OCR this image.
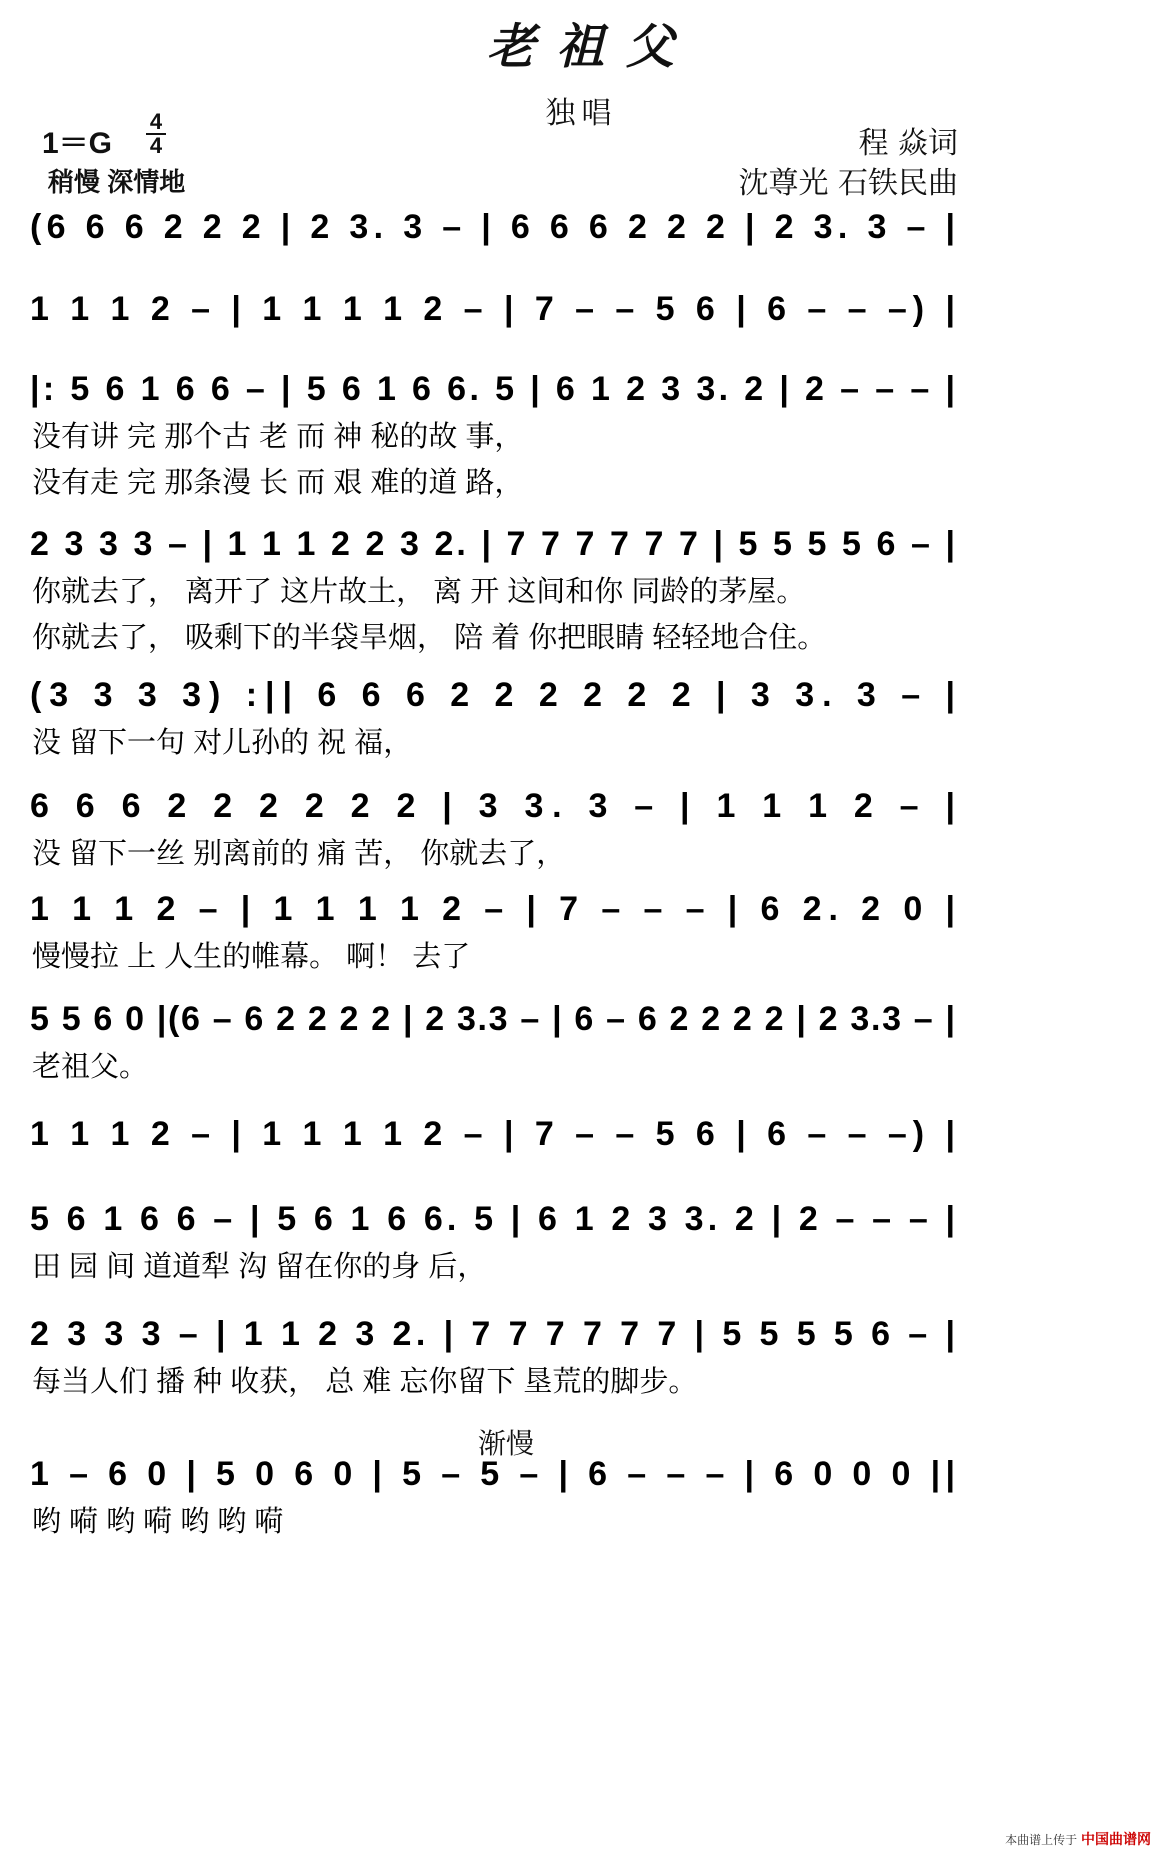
老 祖 父
独唱
1＝G
4
4
稍慢 深情地
程 焱词
沈尊光 石铁民曲
(6 6 6 2 2 2 | 2 3. 3 – | 6 6 6 2 2 2 | 2 3. 3 – |
1 1 1 2 – | 1 1 1 1 2 – | 7 – – 5 6 | 6 – – –) |
|: 5 6 1 6 6 – | 5 6 1 6 6. 5 | 6 1 2 3 3. 2 | 2 – – – |
没有讲 完 那个古 老 而 神 秘的故 事，
没有走 完 那条漫 长 而 艰 难的道 路，
2 3 3 3 – | 1 1 1 2 2 3 2. | 7 7 7 7 7 7 | 5 5 5 5 6 – |
你就去了， 离开了 这片故土， 离 开 这间和你 同龄的茅屋。
你就去了， 吸剩下的半袋旱烟， 陪 着 你把眼睛 轻轻地合住。
(3 3 3 3) :|| 6 6 6 2 2 2 2 2 2 | 3 3. 3 – |
没 留下一句 对儿孙的 祝 福，
6 6 6 2 2 2 2 2 2 | 3 3. 3 – | 1 1 1 2 – |
没 留下一丝 别离前的 痛 苦， 你就去了，
1 1 1 2 – | 1 1 1 1 2 – | 7 – – – | 6 2. 2 0 |
慢慢拉 上 人生的帷幕。 啊！ 去了
5 5 6 0 |(6 – 6 2 2 2 2 | 2 3.3 – | 6 – 6 2 2 2 2 | 2 3.3 – |
老祖父。
1 1 1 2 – | 1 1 1 1 2 – | 7 – – 5 6 | 6 – – –) |
5 6 1 6 6 – | 5 6 1 6 6. 5 | 6 1 2 3 3. 2 | 2 – – – |
田 园 间 道道犁 沟 留在你的身 后，
2 3 3 3 – | 1 1 2 3 2. | 7 7 7 7 7 7 | 5 5 5 5 6 – |
每当人们 播 种 收获， 总 难 忘你留下 垦荒的脚步。
1 – 6 0 | 5 0 6 0 | 5 – 5 – | 6 – – – | 6 0 0 0 ||
哟 嗬 哟 嗬 哟 哟 嗬
渐慢
本曲谱上传于 中国曲谱网
